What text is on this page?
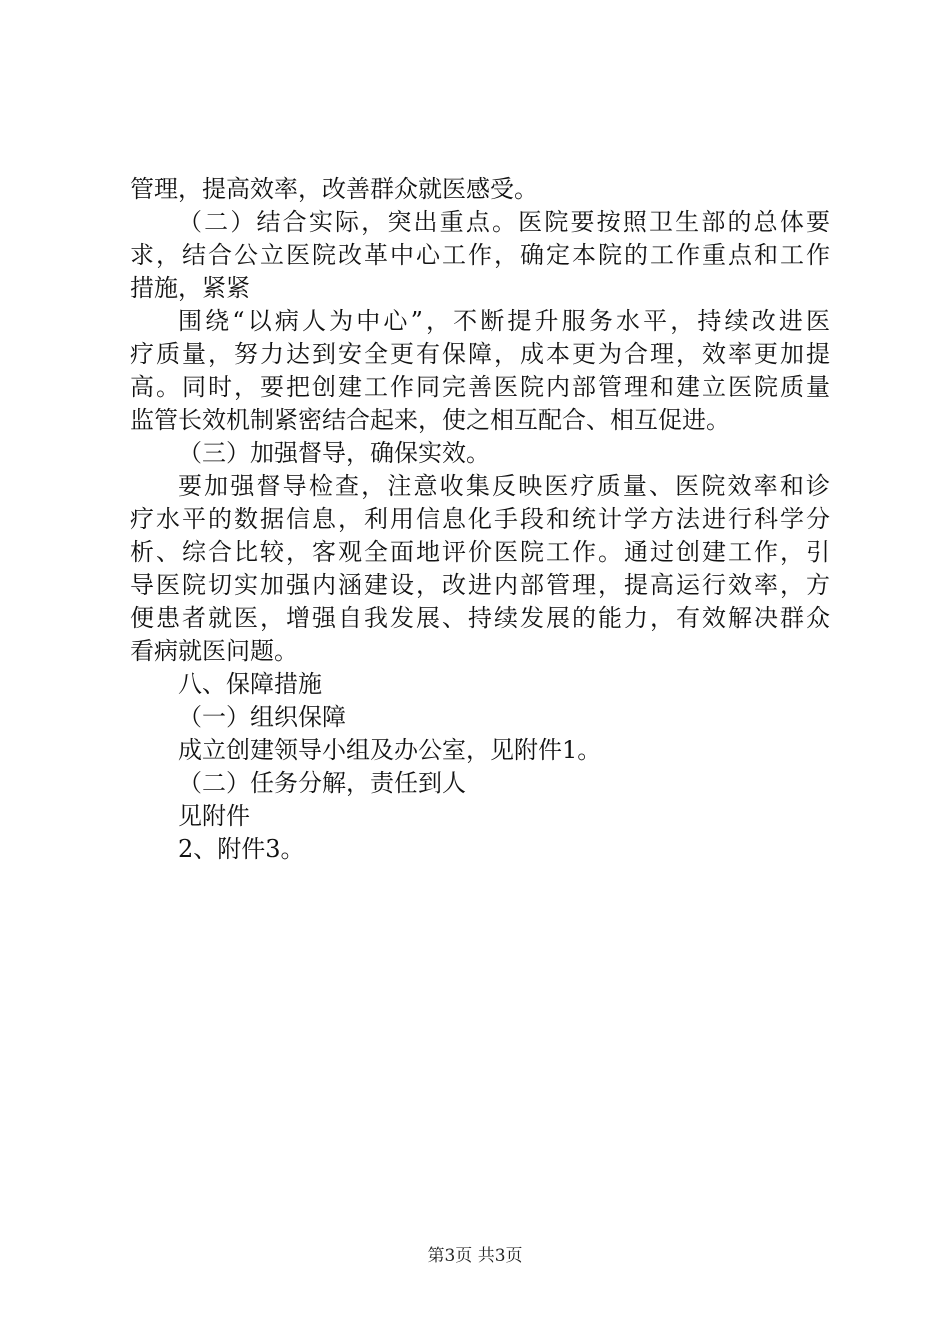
管理，提高效率，改善群众就医感受。
（二）结合实际，突出重点。医院要按照卫生部的总体要
求，结合公立医院改革中心工作，确定本院的工作重点和工作
措施，紧紧
围绕“以病人为中心”，不断提升服务水平，持续改进医
疗质量，努力达到安全更有保障，成本更为合理，效率更加提
高。同时，要把创建工作同完善医院内部管理和建立医院质量
监管长效机制紧密结合起来，使之相互配合、相互促进。
（三）加强督导，确保实效。
要加强督导检查，注意收集反映医疗质量、医院效率和诊
疗水平的数据信息，利用信息化手段和统计学方法进行科学分
析、综合比较，客观全面地评价医院工作。通过创建工作，引
导医院切实加强内涵建设，改进内部管理，提高运行效率，方
便患者就医，增强自我发展、持续发展的能力，有效解决群众
看病就医问题。
八、保障措施
（一）组织保障
成立创建领导小组及办公室，见附件1。
（二）任务分解，责任到人
见附件
2、附件3。
第3页 共3页
